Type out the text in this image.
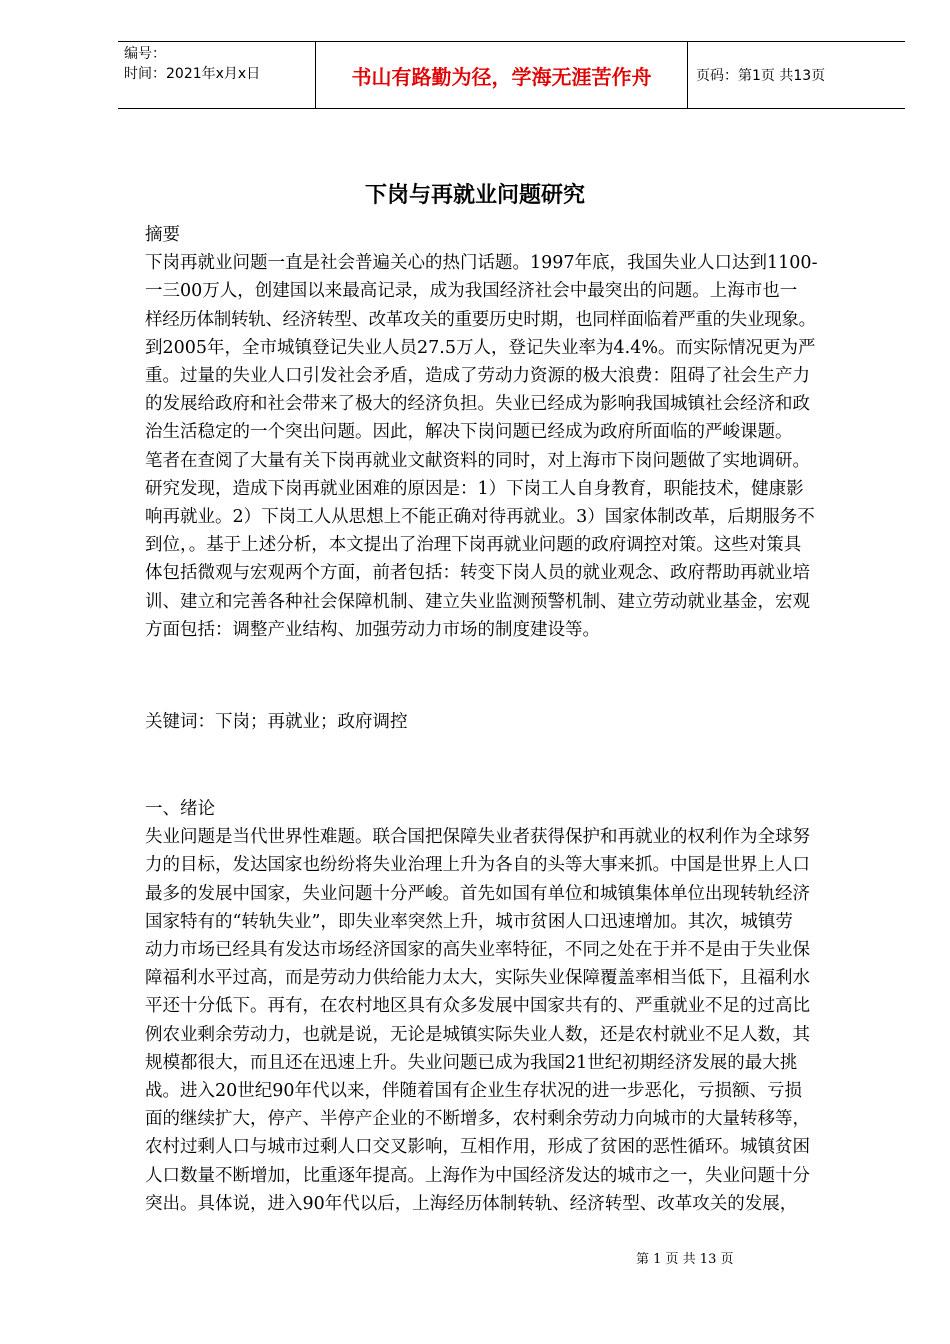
编号：
时间：2021年x月x日	书山有路勤为径，学海无涯苦作舟	页码：第1页 共13页
下岗与再就业问题研究

摘要

下岗再就业问题一直是社会普遍关心的热门话题。1997年底，我国失业人口达到1100-

一三00万人，创建国以来最高记录，成为我国经济社会中最突出的问题。上海市也一

样经历体制转轨、经济转型、改革攻关的重要历史时期，也同样面临着严重的失业现象。

到2005年，全市城镇登记失业人员27.5万人，登记失业率为4.4%。而实际情况更为严

重。过量的失业人口引发社会矛盾，造成了劳动力资源的极大浪费：阻碍了社会生产力

的发展给政府和社会带来了极大的经济负担。失业已经成为影响我国城镇社会经济和政

治生活稳定的一个突出问题。因此，解决下岗问题已经成为政府所面临的严峻课题。

笔者在查阅了大量有关下岗再就业文献资料的同时，对上海市下岗问题做了实地调研。

研究发现，造成下岗再就业困难的原因是：1）下岗工人自身教育，职能技术，健康影

响再就业。2）下岗工人从思想上不能正确对待再就业。3）国家体制改革，后期服务不

到位，。基于上述分析，本文提出了治理下岗再就业问题的政府调控对策。这些对策具

体包括微观与宏观两个方面，前者包括：转变下岗人员的就业观念、政府帮助再就业培

训、建立和完善各种社会保障机制、建立失业监测预警机制、建立劳动就业基金，宏观

方面包括：调整产业结构、加强劳动力市场的制度建设等。

关键词：下岗；再就业；政府调控

一、绪论

失业问题是当代世界性难题。联合国把保障失业者获得保护和再就业的权利作为全球努

力的目标，发达国家也纷纷将失业治理上升为各自的头等大事来抓。中国是世界上人口

最多的发展中国家，失业问题十分严峻。首先如国有单位和城镇集体单位出现转轨经济

国家特有的“转轨失业”，即失业率突然上升，城市贫困人口迅速增加。其次，城镇劳

动力市场已经具有发达市场经济国家的高失业率特征，不同之处在于并不是由于失业保

障福利水平过高，而是劳动力供给能力太大，实际失业保障覆盖率相当低下，且福利水

平还十分低下。再有，在农村地区具有众多发展中国家共有的、严重就业不足的过高比

例农业剩余劳动力，也就是说，无论是城镇实际失业人数，还是农村就业不足人数，其

规模都很大，而且还在迅速上升。失业问题已成为我国21世纪初期经济发展的最大挑

战。进入20世纪90年代以来，伴随着国有企业生存状况的进一步恶化，亏损额、亏损

面的继续扩大，停产、半停产企业的不断增多，农村剩余劳动力向城市的大量转移等，

农村过剩人口与城市过剩人口交叉影响，互相作用，形成了贫困的恶性循环。城镇贫困

人口数量不断增加，比重逐年提高。上海作为中国经济发达的城市之一，失业问题十分

突出。具体说，进入90年代以后，上海经历体制转轨、经济转型、改革攻关的发展，

第 1 页 共 13 页
